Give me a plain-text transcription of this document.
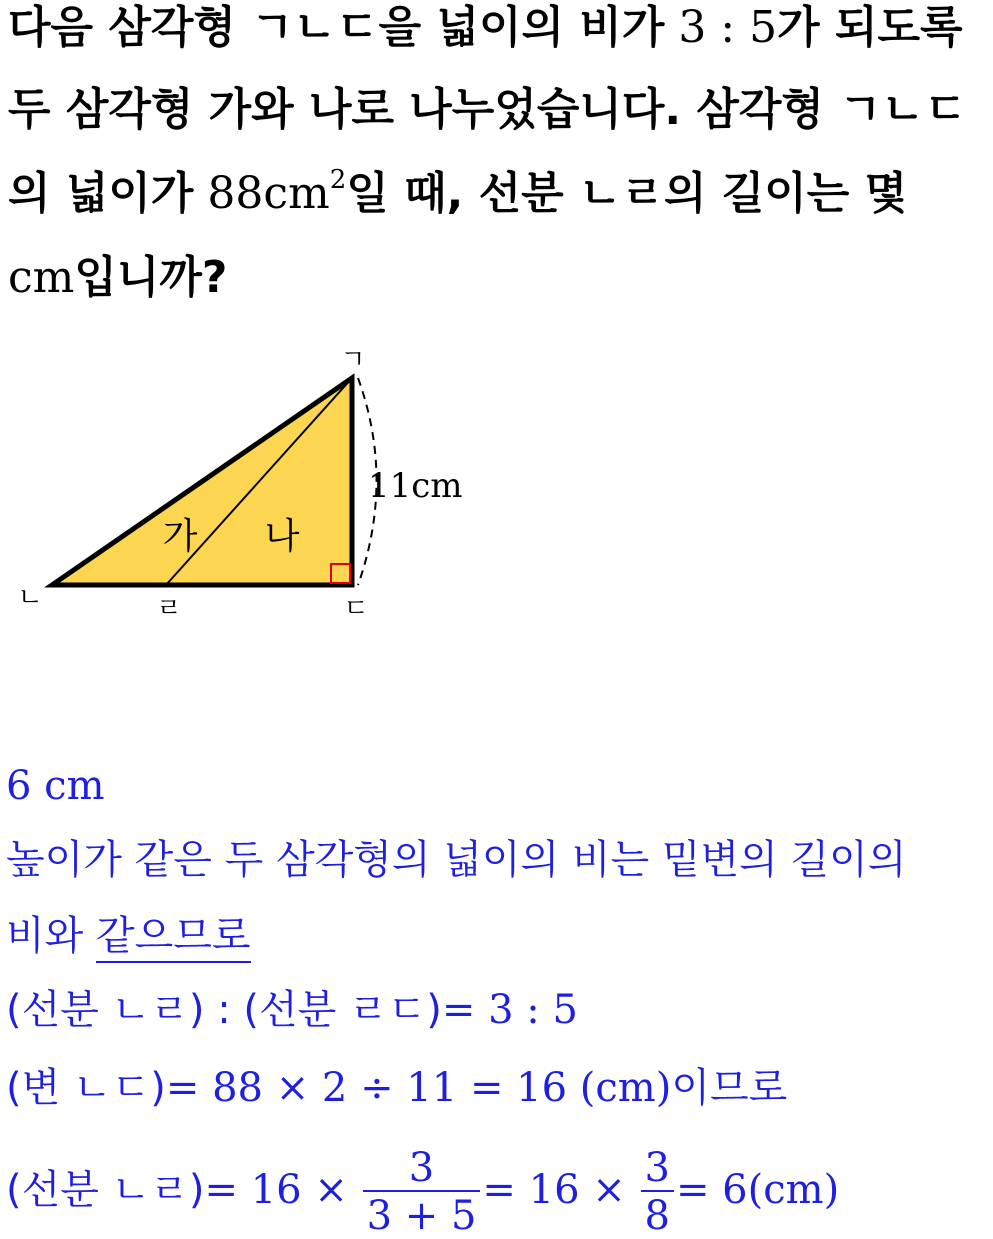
다음 삼각형 ㄱㄴㄷ을 넓이의 비가 3 : 5가 되도록
두 삼각형 가와 나로 나누었습니다. 삼각형 ㄱㄴㄷ
의 넓이가 $88cm^2$일 때, 선분 ㄴㄹ의 길이는 몇
cm입니까?
ㄱ
ㄴ	ㄷ
ㄹ
가 나
11cm
6 cm
높이가 같은 두 삼각형의 넓이의 비는 밑변의 길이의
비와 같으므로
(선분 ㄴㄹ) : (선분 ㄹㄷ)= 3 : 5
(변 ㄴㄷ)= 88 × 2 ÷ 11 = 16 (cm)이므로
(선분 ㄴㄹ)= $16 \times \frac{3}{3 + 5} = 16 \times \frac{3}{8} = 6(cm)$
